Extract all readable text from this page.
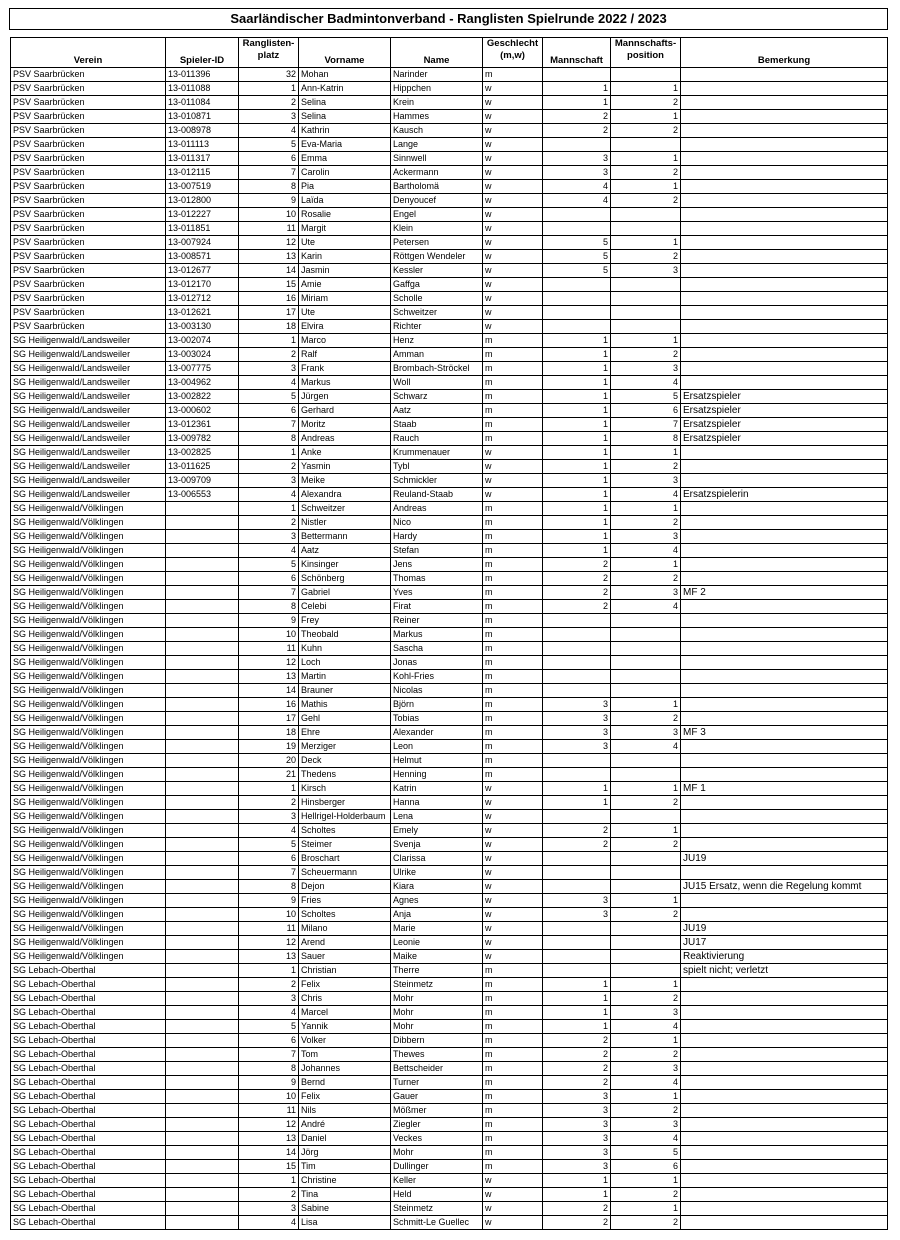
Saarländischer Badmintonverband - Ranglisten Spielrunde 2022 / 2023
Verein	Spieler-ID	Ranglisten-platz	Vorname	Name	Geschlecht (m,w)	Mannschaft	Mannschafts-position	Bemerkung
PSV Saarbrücken	13-011396	32	Mohan	Narinder	m			
PSV Saarbrücken	13-011088	1	Ann-Katrin	Hippchen	w	1	1	
PSV Saarbrücken	13-011084	2	Selina	Krein	w	1	2	
PSV Saarbrücken	13-010871	3	Selina	Hammes	w	2	1	
PSV Saarbrücken	13-008978	4	Kathrin	Kausch	w	2	2	
PSV Saarbrücken	13-011113	5	Eva-Maria	Lange	w			
PSV Saarbrücken	13-011317	6	Emma	Sinnwell	w	3	1	
PSV Saarbrücken	13-012115	7	Carolin	Ackermann	w	3	2	
PSV Saarbrücken	13-007519	8	Pia	Bartholomä	w	4	1	
PSV Saarbrücken	13-012800	9	Laïda	Denyoucef	w	4	2	
PSV Saarbrücken	13-012227	10	Rosalie	Engel	w			
PSV Saarbrücken	13-011851	11	Margit	Klein	w			
PSV Saarbrücken	13-007924	12	Ute	Petersen	w	5	1	
PSV Saarbrücken	13-008571	13	Karin	Röttgen Wendeler	w	5	2	
PSV Saarbrücken	13-012677	14	Jasmin	Kessler	w	5	3	
PSV Saarbrücken	13-012170	15	Amie	Gaffga	w			
PSV Saarbrücken	13-012712	16	Miriam	Scholle	w			
PSV Saarbrücken	13-012621	17	Ute	Schweitzer	w			
PSV Saarbrücken	13-003130	18	Elvira	Richter	w			
SG Heiligenwald/Landsweiler	13-002074	1	Marco	Henz	m	1	1	
SG Heiligenwald/Landsweiler	13-003024	2	Ralf	Amman	m	1	2	
SG Heiligenwald/Landsweiler	13-007775	3	Frank	Brombach-Ströckel	m	1	3	
SG Heiligenwald/Landsweiler	13-004962	4	Markus	Woll	m	1	4	
SG Heiligenwald/Landsweiler	13-002822	5	Jürgen	Schwarz	m	1	5	Ersatzspieler
SG Heiligenwald/Landsweiler	13-000602	6	Gerhard	Aatz	m	1	6	Ersatzspieler
SG Heiligenwald/Landsweiler	13-012361	7	Moritz	Staab	m	1	7	Ersatzspieler
SG Heiligenwald/Landsweiler	13-009782	8	Andreas	Rauch	m	1	8	Ersatzspieler
SG Heiligenwald/Landsweiler	13-002825	1	Anke	Krummenauer	w	1	1	
SG Heiligenwald/Landsweiler	13-011625	2	Yasmin	Tybl	w	1	2	
SG Heiligenwald/Landsweiler	13-009709	3	Meike	Schmickler	w	1	3	
SG Heiligenwald/Landsweiler	13-006553	4	Alexandra	Reuland-Staab	w	1	4	Ersatzspielerin
SG Heiligenwald/Völklingen		1	Schweitzer	Andreas	m	1	1	
SG Heiligenwald/Völklingen		2	Nistler	Nico	m	1	2	
SG Heiligenwald/Völklingen		3	Bettermann	Hardy	m	1	3	
SG Heiligenwald/Völklingen		4	Aatz	Stefan	m	1	4	
SG Heiligenwald/Völklingen		5	Kinsinger	Jens	m	2	1	
SG Heiligenwald/Völklingen		6	Schönberg	Thomas	m	2	2	
SG Heiligenwald/Völklingen		7	Gabriel	Yves	m	2	3	MF 2
SG Heiligenwald/Völklingen		8	Celebi	Firat	m	2	4	
SG Heiligenwald/Völklingen		9	Frey	Reiner	m			
SG Heiligenwald/Völklingen		10	Theobald	Markus	m			
SG Heiligenwald/Völklingen		11	Kuhn	Sascha	m			
SG Heiligenwald/Völklingen		12	Loch	Jonas	m			
SG Heiligenwald/Völklingen		13	Martin	Kohl-Fries	m			
SG Heiligenwald/Völklingen		14	Brauner	Nicolas	m			
SG Heiligenwald/Völklingen		16	Mathis	Björn	m	3	1	
SG Heiligenwald/Völklingen		17	Gehl	Tobias	m	3	2	
SG Heiligenwald/Völklingen		18	Ehre	Alexander	m	3	3	MF 3
SG Heiligenwald/Völklingen		19	Merziger	Leon	m	3	4	
SG Heiligenwald/Völklingen		20	Deck	Helmut	m			
SG Heiligenwald/Völklingen		21	Thedens	Henning	m			
SG Heiligenwald/Völklingen		1	Kirsch	Katrin	w	1	1	MF 1
SG Heiligenwald/Völklingen		2	Hinsberger	Hanna	w	1	2	
SG Heiligenwald/Völklingen		3	Hellrigel-Holderbaum	Lena	w			
SG Heiligenwald/Völklingen		4	Scholtes	Emely	w	2	1	
SG Heiligenwald/Völklingen		5	Steimer	Svenja	w	2	2	
SG Heiligenwald/Völklingen		6	Broschart	Clarissa	w			JU19
SG Heiligenwald/Völklingen		7	Scheuermann	Ulrike	w			
SG Heiligenwald/Völklingen		8	Dejon	Kiara	w			JU15 Ersatz, wenn die Regelung kommt
SG Heiligenwald/Völklingen		9	Fries	Agnes	w	3	1	
SG Heiligenwald/Völklingen		10	Scholtes	Anja	w	3	2	
SG Heiligenwald/Völklingen		11	Milano	Marie	w			JU19
SG Heiligenwald/Völklingen		12	Arend	Leonie	w			JU17
SG Heiligenwald/Völklingen		13	Sauer	Maike	w			Reaktivierung
SG Lebach-Oberthal		1	Christian	Therre	m			spielt nicht; verletzt
SG Lebach-Oberthal		2	Felix	Steinmetz	m	1	1	
SG Lebach-Oberthal		3	Chris	Mohr	m	1	2	
SG Lebach-Oberthal		4	Marcel	Mohr	m	1	3	
SG Lebach-Oberthal		5	Yannik	Mohr	m	1	4	
SG Lebach-Oberthal		6	Volker	Dibbern	m	2	1	
SG Lebach-Oberthal		7	Tom	Thewes	m	2	2	
SG Lebach-Oberthal		8	Johannes	Bettscheider	m	2	3	
SG Lebach-Oberthal		9	Bernd	Turner	m	2	4	
SG Lebach-Oberthal		10	Felix	Gauer	m	3	1	
SG Lebach-Oberthal		11	Nils	Mößmer	m	3	2	
SG Lebach-Oberthal		12	André	Ziegler	m	3	3	
SG Lebach-Oberthal		13	Daniel	Veckes	m	3	4	
SG Lebach-Oberthal		14	Jörg	Mohr	m	3	5	
SG Lebach-Oberthal		15	Tim	Dullinger	m	3	6	
SG Lebach-Oberthal		1	Christine	Keller	w	1	1	
SG Lebach-Oberthal		2	Tina	Held	w	1	2	
SG Lebach-Oberthal		3	Sabine	Steinmetz	w	2	1	
SG Lebach-Oberthal		4	Lisa	Schmitt-Le Guellec	w	2	2	
